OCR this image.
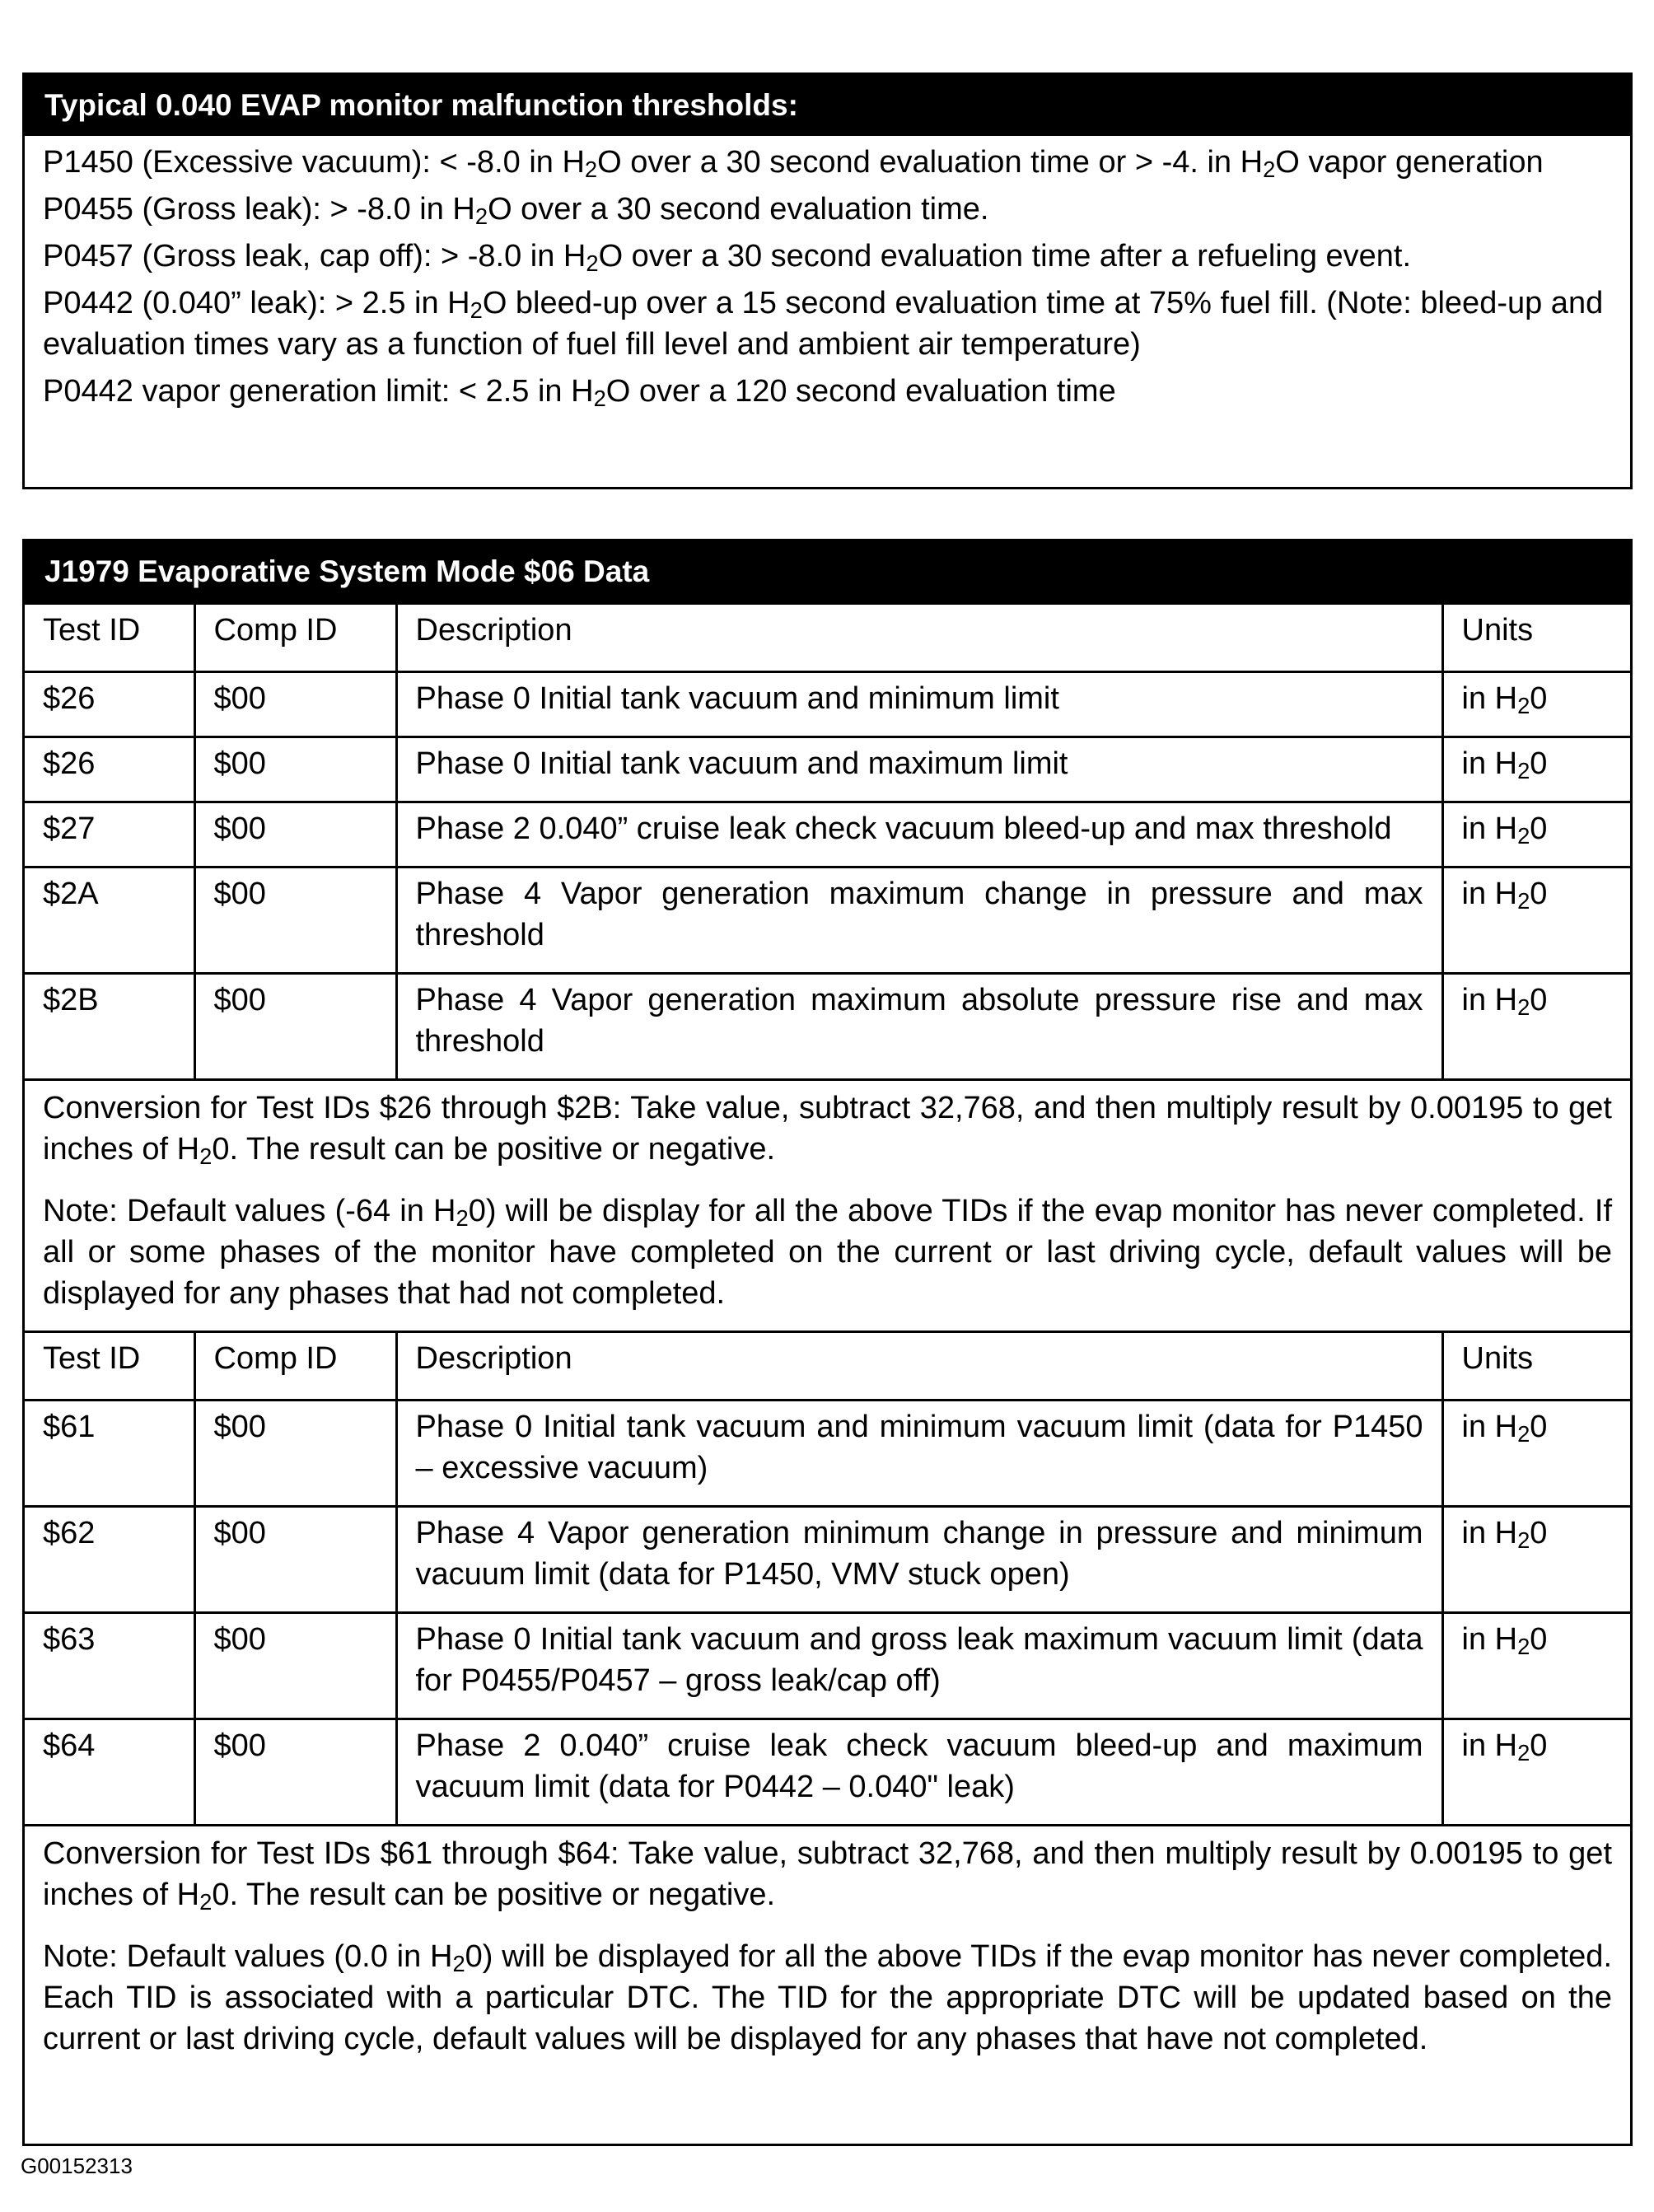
Typical 0.040 EVAP monitor malfunction thresholds:
P1450 (Excessive vacuum): < -8.0 in $H_2O$ over a 30 second evaluation time or > -4. in $H_2O$ vapor generation
P0455 (Gross leak): > -8.0 in $H_2O$ over a 30 second evaluation time.
P0457 (Gross leak, cap off): > -8.0 in $H_2O$ over a 30 second evaluation time after a refueling event.
P0442 (0.040” leak): > 2.5 in $H_2O$ bleed-up over a 15 second evaluation time at 75% fuel fill. (Note: bleed-up and evaluation times vary as a function of fuel fill level and ambient air temperature)
P0442 vapor generation limit: < 2.5 in $H_2O$ over a 120 second evaluation time
J1979 Evaporative System Mode $06 Data
Test ID	Comp ID	Description	Units
$26	$00	Phase 0 Initial tank vacuum and minimum limit	in $H_20$
$26	$00	Phase 0 Initial tank vacuum and maximum limit	in $H_20$
$27	$00	Phase 2 0.040” cruise leak check vacuum bleed-up and max threshold	in $H_20$
$2A	$00	Phase 4 Vapor generation maximum change in pressure and max threshold	in $H_20$
$2B	$00	Phase 4 Vapor generation maximum absolute pressure rise and max threshold	in $H_20$

Conversion for Test IDs $26 through $2B: Take value, subtract 32,768, and then multiply result by 0.00195 to get inches of $H_20$. The result can be positive or negative.

Note: Default values (-64 in $H_20$) will be display for all the above TIDs if the evap monitor has never completed. If all or some phases of the monitor have completed on the current or last driving cycle, default values will be displayed for any phases that had not completed.

Test ID	Comp ID	Description	Units
$61	$00	Phase 0 Initial tank vacuum and minimum vacuum limit (data for P1450 – excessive vacuum)	in $H_20$
$62	$00	Phase 4 Vapor generation minimum change in pressure and minimum vacuum limit (data for P1450, VMV stuck open)	in $H_20$
$63	$00	Phase 0 Initial tank vacuum and gross leak maximum vacuum limit (data for P0455/P0457 – gross leak/cap off)	in $H_20$
$64	$00	Phase 2 0.040” cruise leak check vacuum bleed-up and maximum vacuum limit (data for P0442 – 0.040" leak)	in $H_20$

Conversion for Test IDs $61 through $64: Take value, subtract 32,768, and then multiply result by 0.00195 to get inches of $H_20$. The result can be positive or negative.

Note: Default values (0.0 in $H_20$) will be displayed for all the above TIDs if the evap monitor has never completed. Each TID is associated with a particular DTC. The TID for the appropriate DTC will be updated based on the current or last driving cycle, default values will be displayed for any phases that have not completed.

G00152313
